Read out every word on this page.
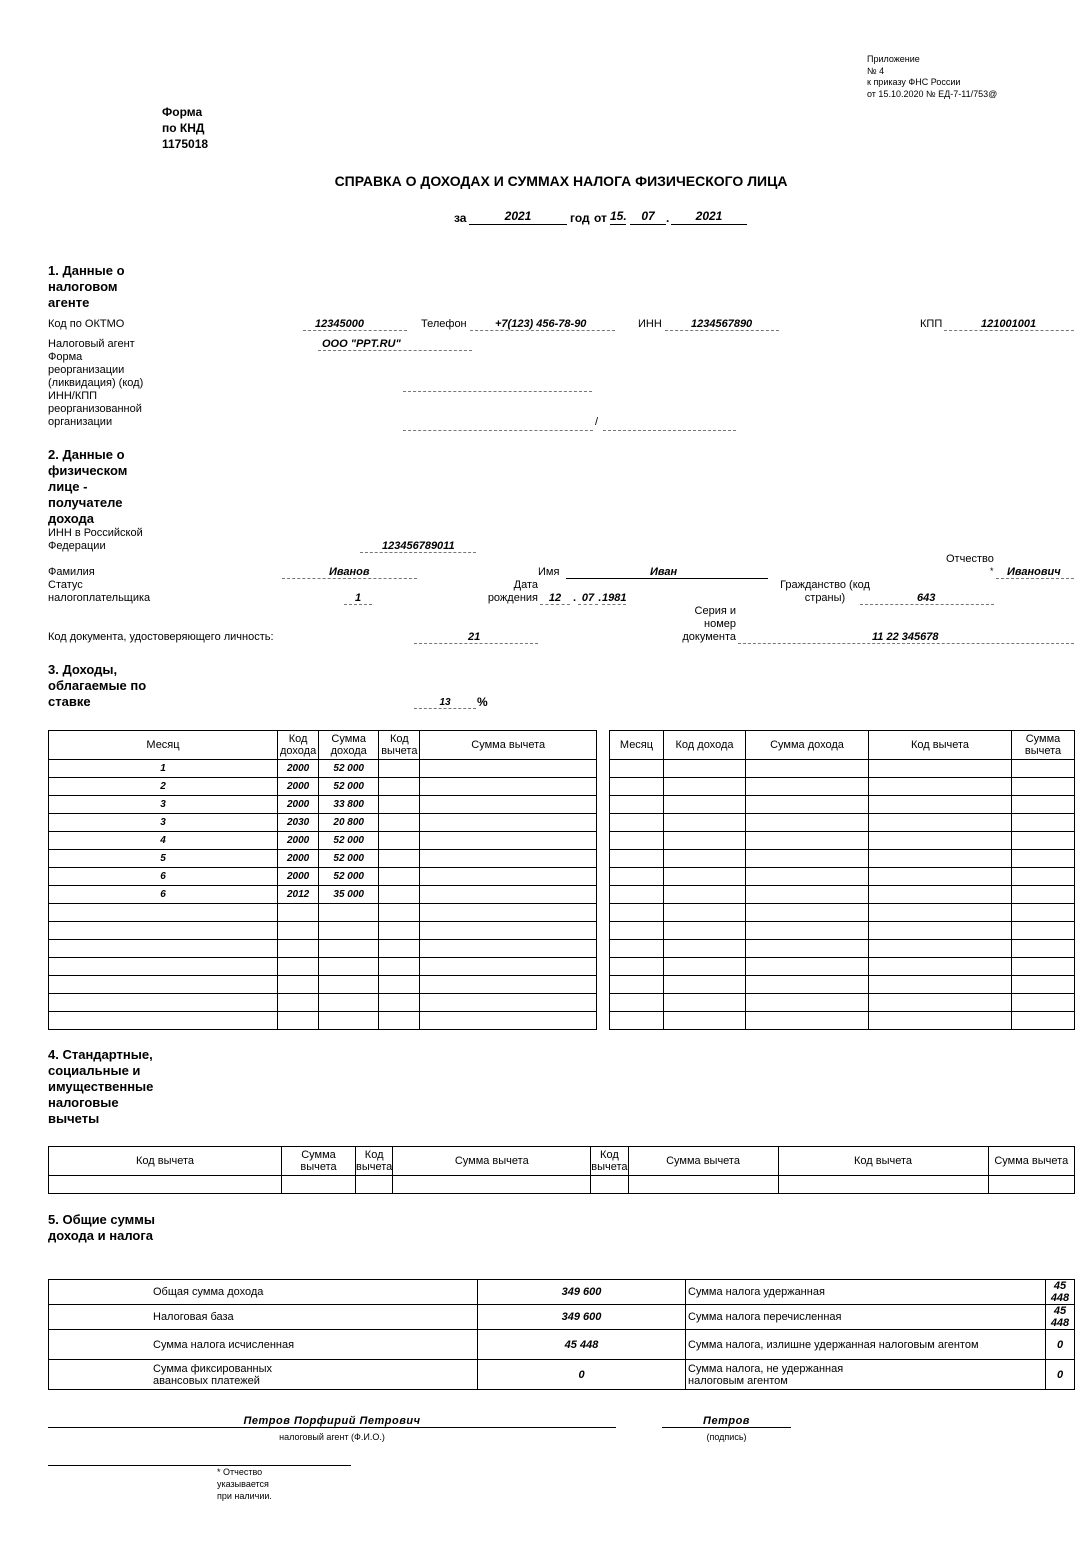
Приложение
№ 4
к приказу ФНС России
от 15.10.2020 № ЕД-7-11/753@
Форма
по КНД
1175018
СПРАВКА О ДОХОДАХ И СУММАХ НАЛОГА ФИЗИЧЕСКОГО ЛИЦА
за	2021	год от 15.	07 .	2021
1. Данные о налоговом агенте
Код по ОКТМО	12345000	Телефон	+7(123) 456-78-90	ИНН	1234567890	КПП	121001001
Налоговый агент	ООО "PPT.RU"
Форма реорганизации (ликвидация) (код)
ИНН/КПП реорганизованной организации	/
2. Данные о физическом лице - получателе дохода
ИНН в Российской Федерации	123456789011
Отчество
Фамилия	Иванов	Имя	Иван	*	Иванович
Статус налогоплательщика	1
Дата рождения 12	. 07 . 1981
Гражданство (код страны)	643
Серия и номер документа
Код документа, удостоверяющего личность:	21	11 22 345678
3. Доходы, облагаемые по ставке	13	%
Месяц	Код дохода	Сумма дохода	Код вычета	Сумма вычета
1	2000	52 000		
2	2000	52 000		
3	2000	33 800		
3	2030	20 800		
4	2000	52 000		
5	2000	52 000		
6	2000	52 000		
6	2012	35 000		

Месяц	Код дохода	Сумма дохода	Код вычета	Сумма вычета

4. Стандартные, социальные и имущественные налоговые вычеты
Код вычета	Сумма вычета	Код вычета	Сумма вычета	Код вычета	Сумма вычета	Код вычета	Сумма вычета

5. Общие суммы дохода и налога
Общая сумма дохода	349 600	Сумма налога удержанная	45 448
Налоговая база	349 600	Сумма налога перечисленная	45 448
Сумма налога исчисленная	45 448	Сумма налога, излишне удержанная налоговым агентом	0

Сумма фиксированных авансовых платежей	0	Сумма налога, не удержанная налоговым агентом	0
Петров Порфирий Петрович
налоговый агент (Ф.И.О.)
Петров
(подпись)
* Отчество указывается при наличии.
